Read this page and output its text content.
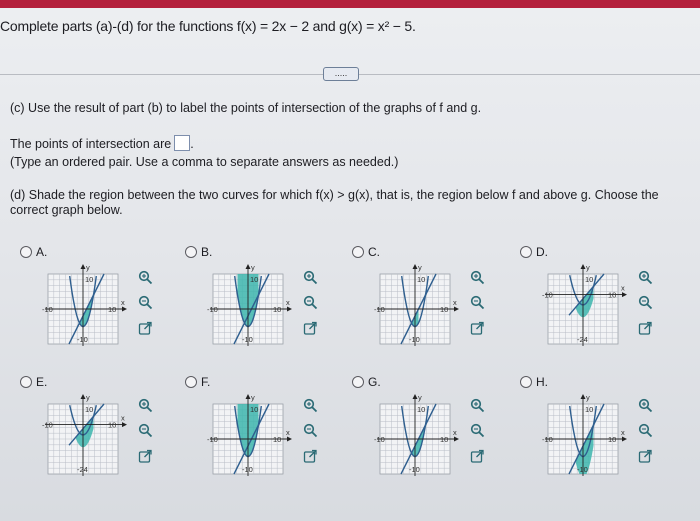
Complete parts (a)-(d) for the functions f(x) = 2x − 2 and g(x) = x² − 5.
.....
(c) Use the result of part (b) to label the points of intersection of the graphs of f and g.
The points of intersection are .
(Type an ordered pair. Use a comma to separate answers as needed.)
(d) Shade the region between the two curves for which f(x) > g(x), that is, the region below f and above g. Choose the
correct graph below.
A.
y
x
-10	10
10
-10
B.
y
x
-10	10
10
-10
C.
y
x
-10	10
10
-10
D.
y
x
-10	10
10
-24
E.
y
x
-10	10
10
-24
F.
y
x
-10	10
10
-10
G.
y
x
-10	10
10
-10
H.
y
x
-10	10
10
-10
